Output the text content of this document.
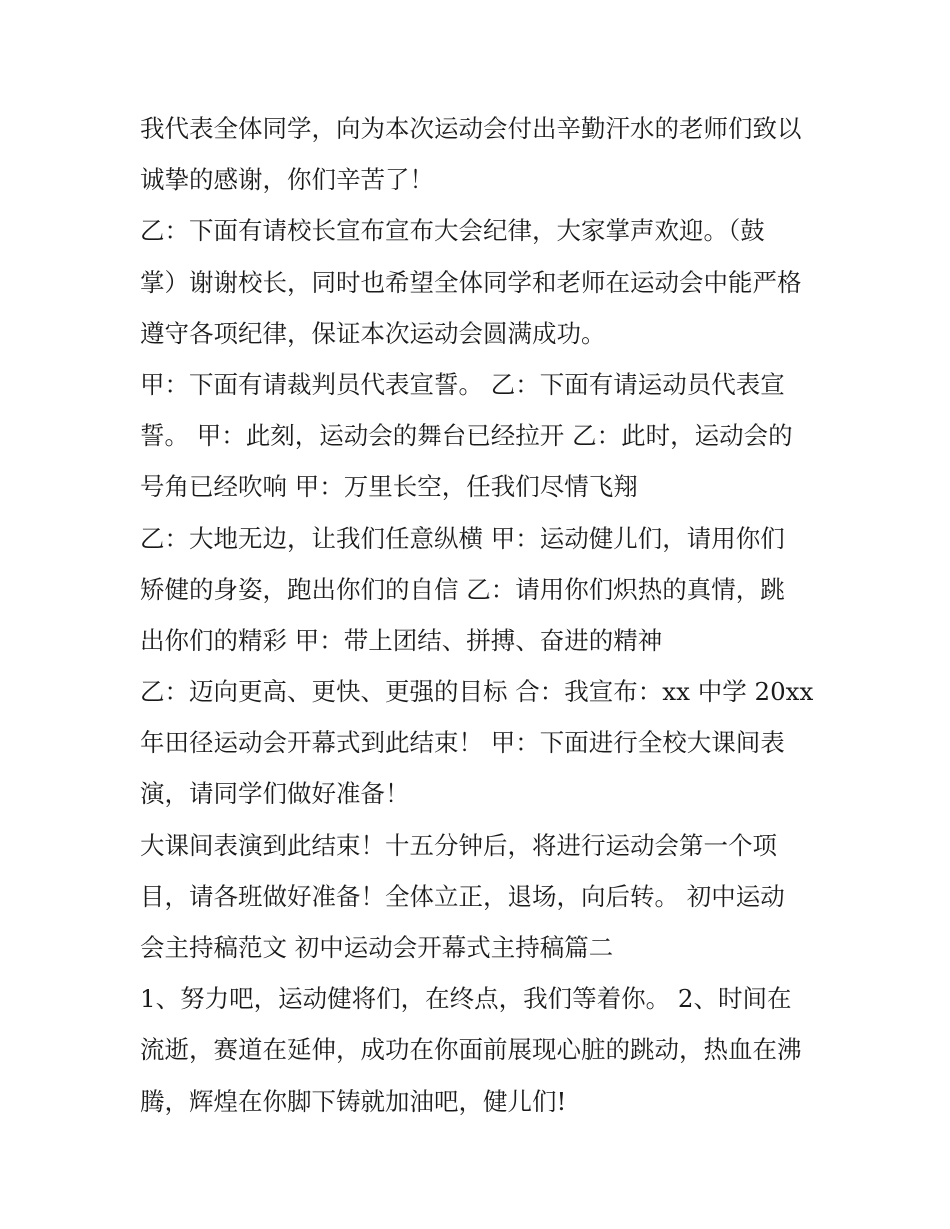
我代表全体同学，向为本次运动会付出辛勤汗水的老师们致以
诚挚的感谢，你们辛苦了！
乙：下面有请校长宣布宣布大会纪律，大家掌声欢迎。（鼓
掌）谢谢校长，同时也希望全体同学和老师在运动会中能严格
遵守各项纪律，保证本次运动会圆满成功。
甲：下面有请裁判员代表宣誓。 乙：下面有请运动员代表宣
誓。 甲：此刻，运动会的舞台已经拉开 乙：此时，运动会的
号角已经吹响 甲：万里长空，任我们尽情飞翔
乙：大地无边，让我们任意纵横 甲：运动健儿们，请用你们
矫健的身姿，跑出你们的自信 乙：请用你们炽热的真情，跳
出你们的精彩 甲：带上团结、拼搏、奋进的精神
乙：迈向更高、更快、更强的目标 合：我宣布：xx 中学 20xx
年田径运动会开幕式到此结束！ 甲：下面进行全校大课间表
演，请同学们做好准备！
大课间表演到此结束！十五分钟后，将进行运动会第一个项
目，请各班做好准备！全体立正，退场，向后转。 初中运动
会主持稿范文 初中运动会开幕式主持稿篇二
1、努力吧，运动健将们，在终点，我们等着你。 2、时间在
流逝，赛道在延伸，成功在你面前展现心脏的跳动，热血在沸
腾，辉煌在你脚下铸就加油吧，健儿们!
